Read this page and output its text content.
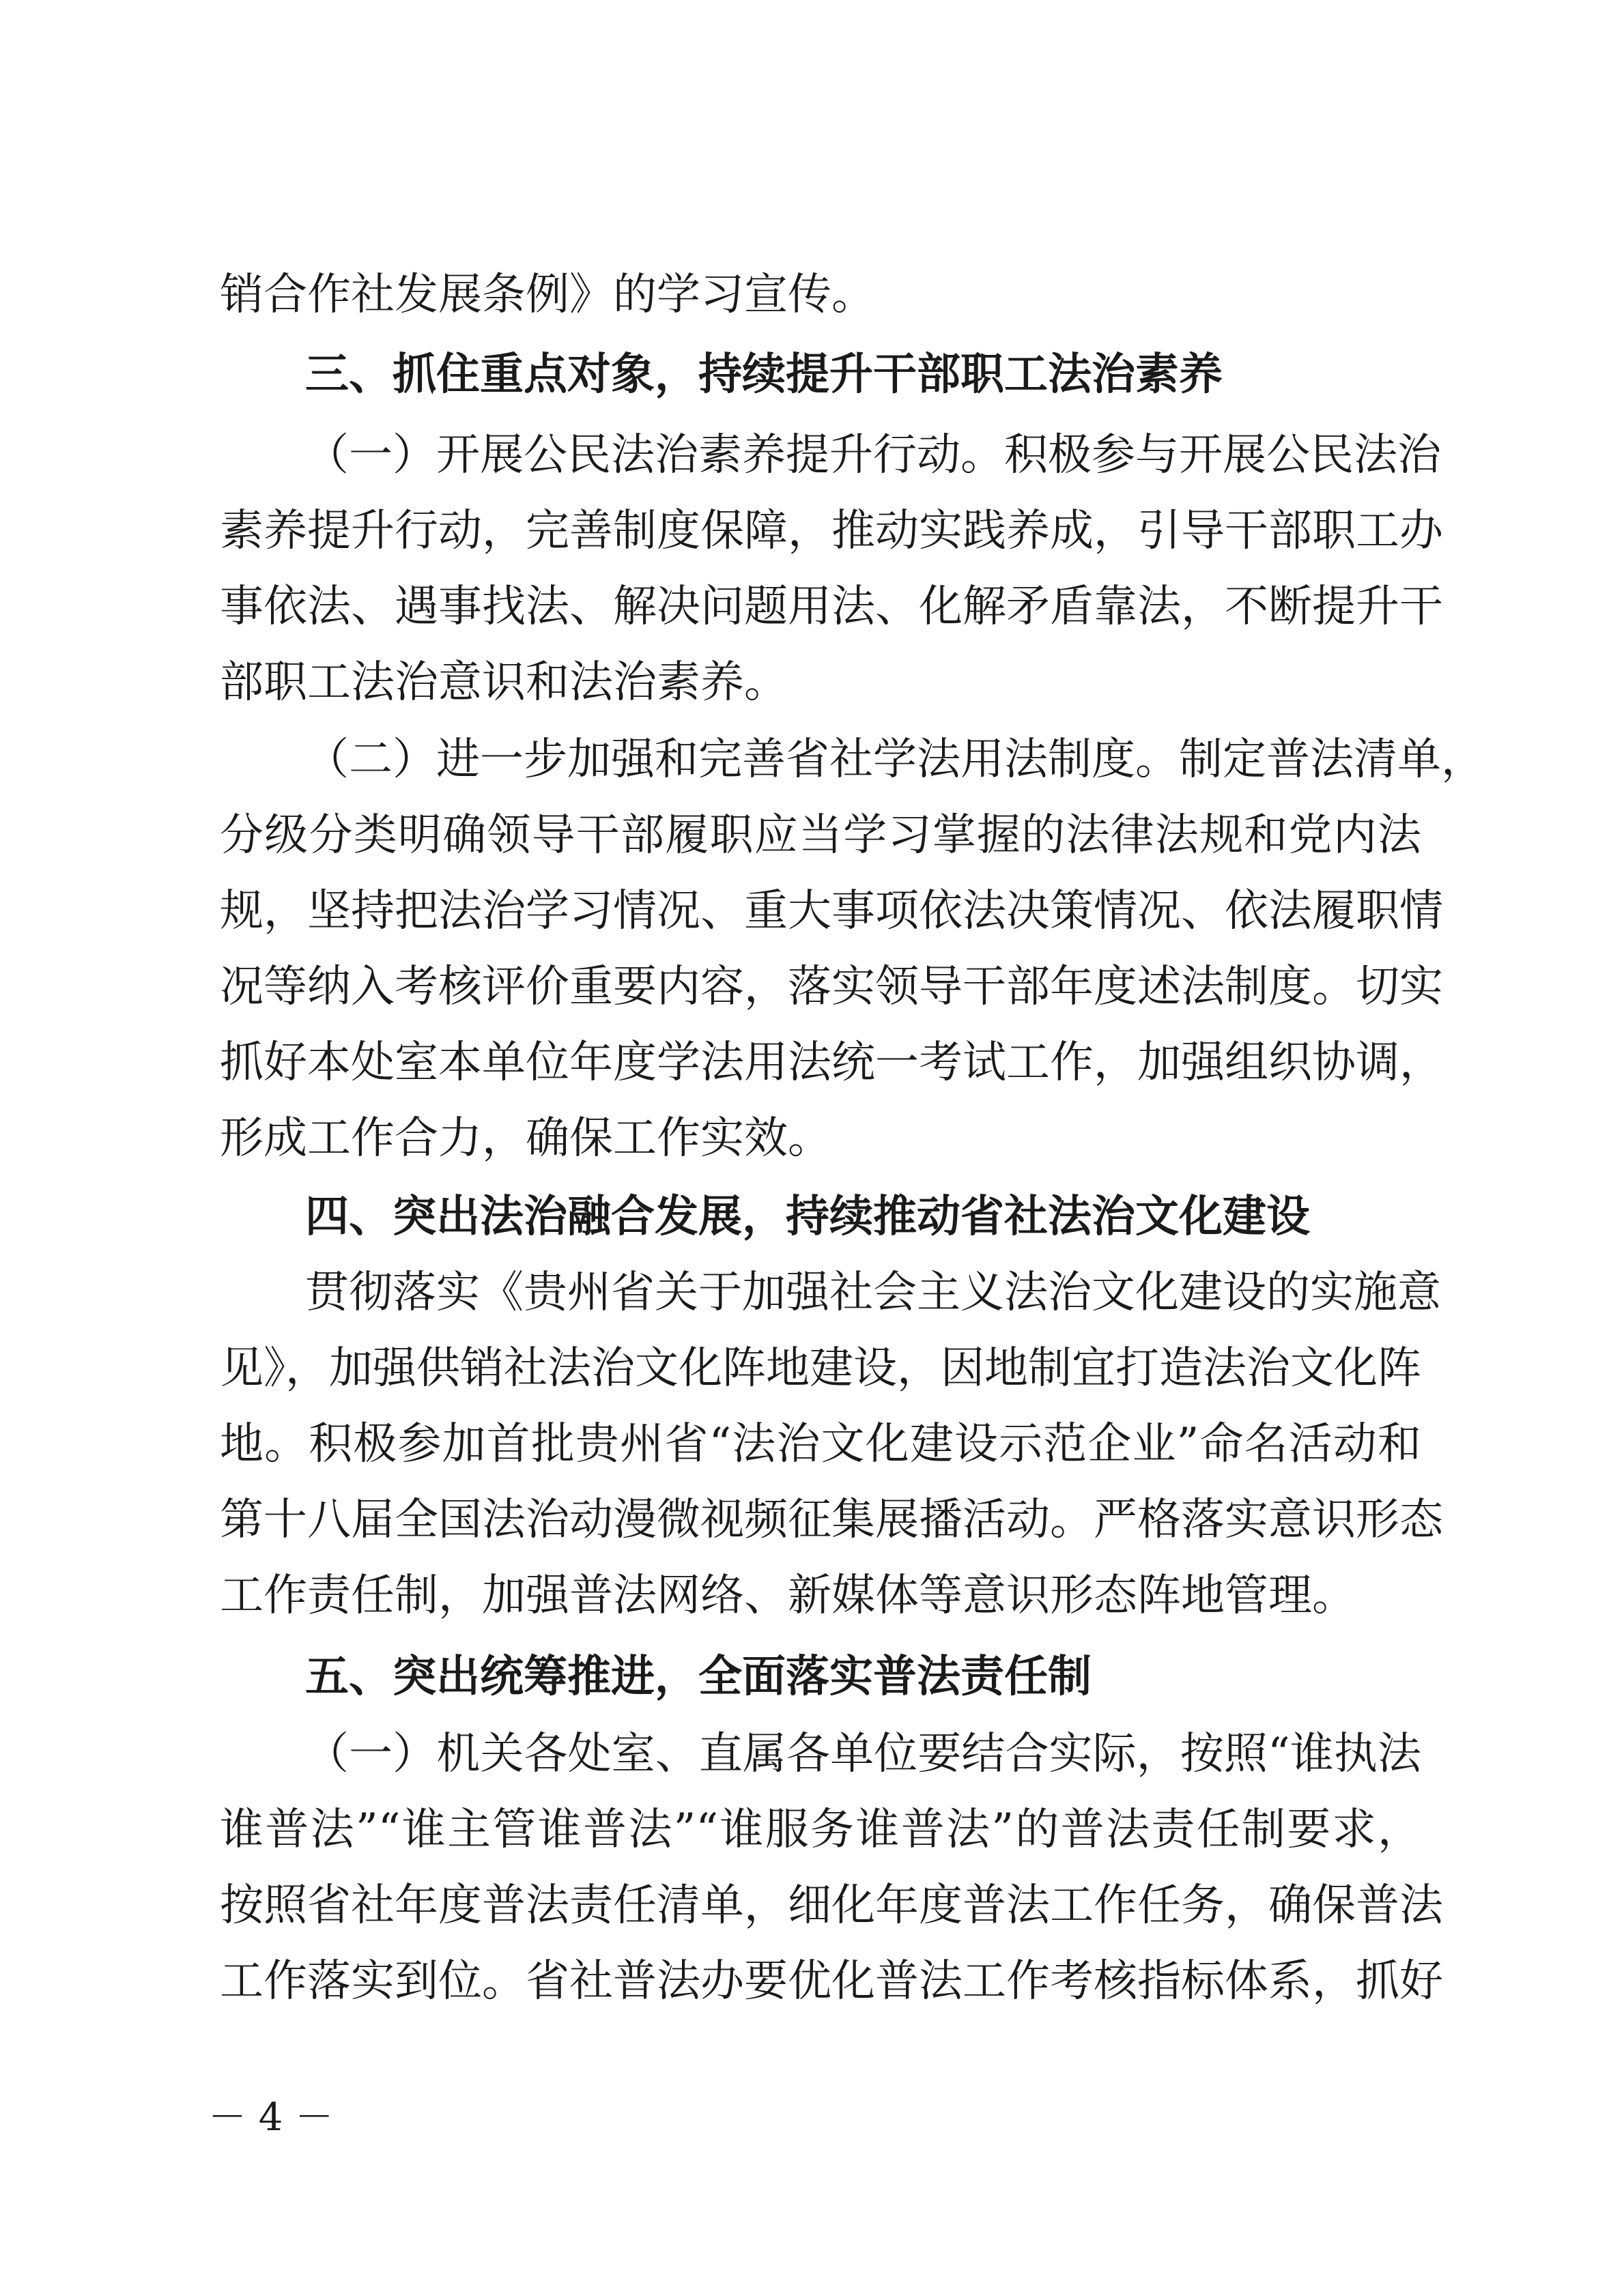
销合作社发展条例》的学习宣传。
三、抓住重点对象，持续提升干部职工法治素养
（一）开展公民法治素养提升行动。积极参与开展公民法治
素养提升行动，完善制度保障，推动实践养成，引导干部职工办
事依法、遇事找法、解决问题用法、化解矛盾靠法，不断提升干
部职工法治意识和法治素养。
（二）进一步加强和完善省社学法用法制度。制定普法清单，
分级分类明确领导干部履职应当学习掌握的法律法规和党内法
规，坚持把法治学习情况、重大事项依法决策情况、依法履职情
况等纳入考核评价重要内容，落实领导干部年度述法制度。切实
抓好本处室本单位年度学法用法统一考试工作，加强组织协调，
形成工作合力，确保工作实效。
四、突出法治融合发展，持续推动省社法治文化建设
贯彻落实《贵州省关于加强社会主义法治文化建设的实施意
见》，加强供销社法治文化阵地建设，因地制宜打造法治文化阵
地。积极参加首批贵州省“法治文化建设示范企业”命名活动和
第十八届全国法治动漫微视频征集展播活动。严格落实意识形态
工作责任制，加强普法网络、新媒体等意识形态阵地管理。
五、突出统筹推进，全面落实普法责任制
（一）机关各处室、直属各单位要结合实际，按照“谁执法
谁普法”“谁主管谁普法”“谁服务谁普法”的普法责任制要求，
按照省社年度普法责任清单，细化年度普法工作任务，确保普法
工作落实到位。省社普法办要优化普法工作考核指标体系，抓好
－ 4 －
